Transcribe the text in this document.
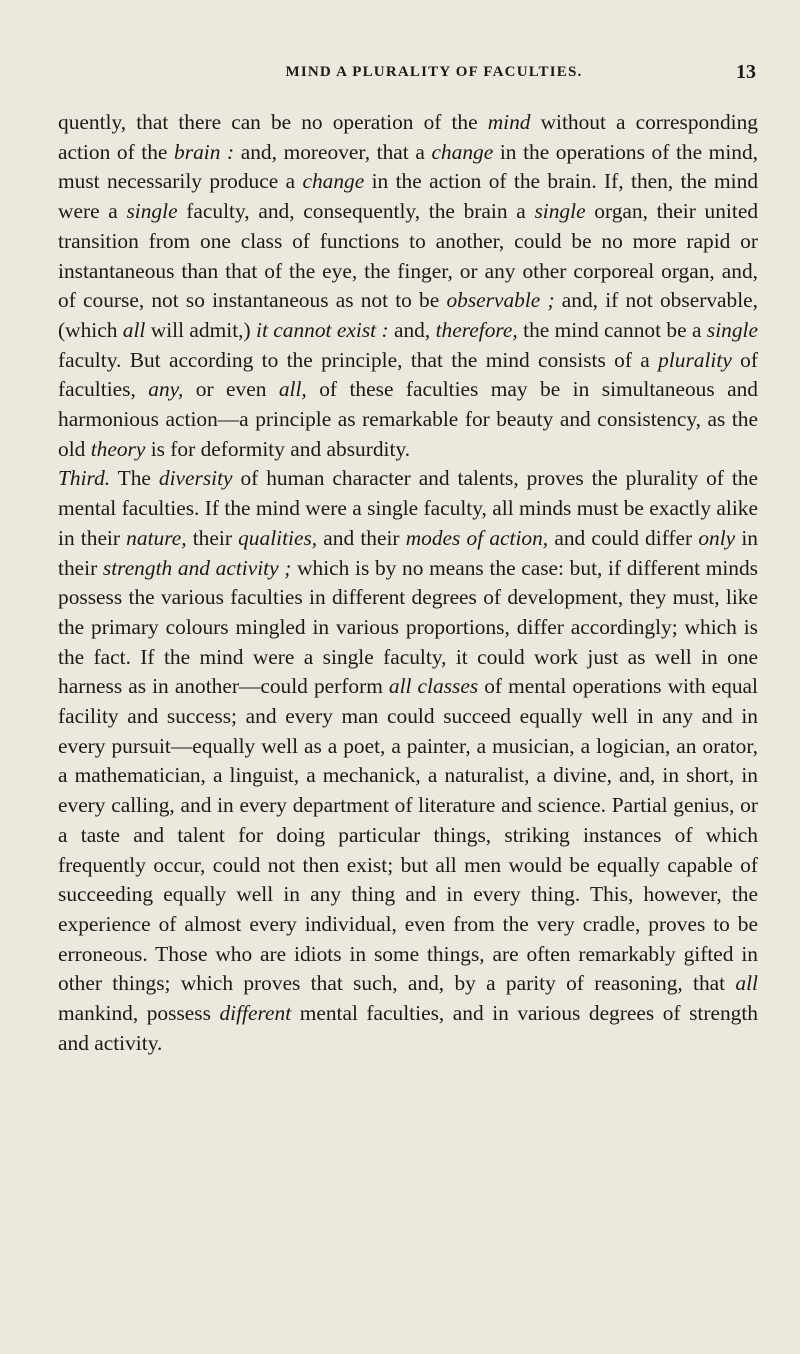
MIND A PLURALITY OF FACULTIES.	13

quently, that there can be no operation of the mind without a corresponding action of the brain : and, moreover, that a change in the operations of the mind, must necessarily produce a change in the action of the brain. If, then, the mind were a single faculty, and, consequently, the brain a single organ, their united transition from one class of functions to another, could be no more rapid or instantaneous than that of the eye, the finger, or any other corporeal organ, and, of course, not so instantaneous as not to be observable ; and, if not observable, (which all will admit,) it cannot exist : and, therefore, the mind cannot be a single faculty. But according to the principle, that the mind consists of a plurality of faculties, any, or even all, of these faculties may be in simultaneous and harmonious action—a principle as remarkable for beauty and consistency, as the old theory is for deformity and absurdity.

Third. The diversity of human character and talents, proves the plurality of the mental faculties. If the mind were a single faculty, all minds must be exactly alike in their nature, their qualities, and their modes of action, and could differ only in their strength and activity ; which is by no means the case: but, if different minds possess the various faculties in different degrees of development, they must, like the primary colours mingled in various proportions, differ accordingly; which is the fact. If the mind were a single faculty, it could work just as well in one harness as in another—could perform all classes of mental operations with equal facility and success; and every man could succeed equally well in any and in every pursuit—equally well as a poet, a painter, a musician, a logician, an orator, a mathematician, a linguist, a mechanick, a naturalist, a divine, and, in short, in every calling, and in every department of literature and science. Partial genius, or a taste and talent for doing particular things, striking instances of which frequently occur, could not then exist; but all men would be equally capable of succeeding equally well in any thing and in every thing. This, however, the experience of almost every individual, even from the very cradle, proves to be erroneous. Those who are idiots in some things, are often remarkably gifted in other things; which proves that such, and, by a parity of reasoning, that all mankind, possess different mental faculties, and in various degrees of strength and activity.
